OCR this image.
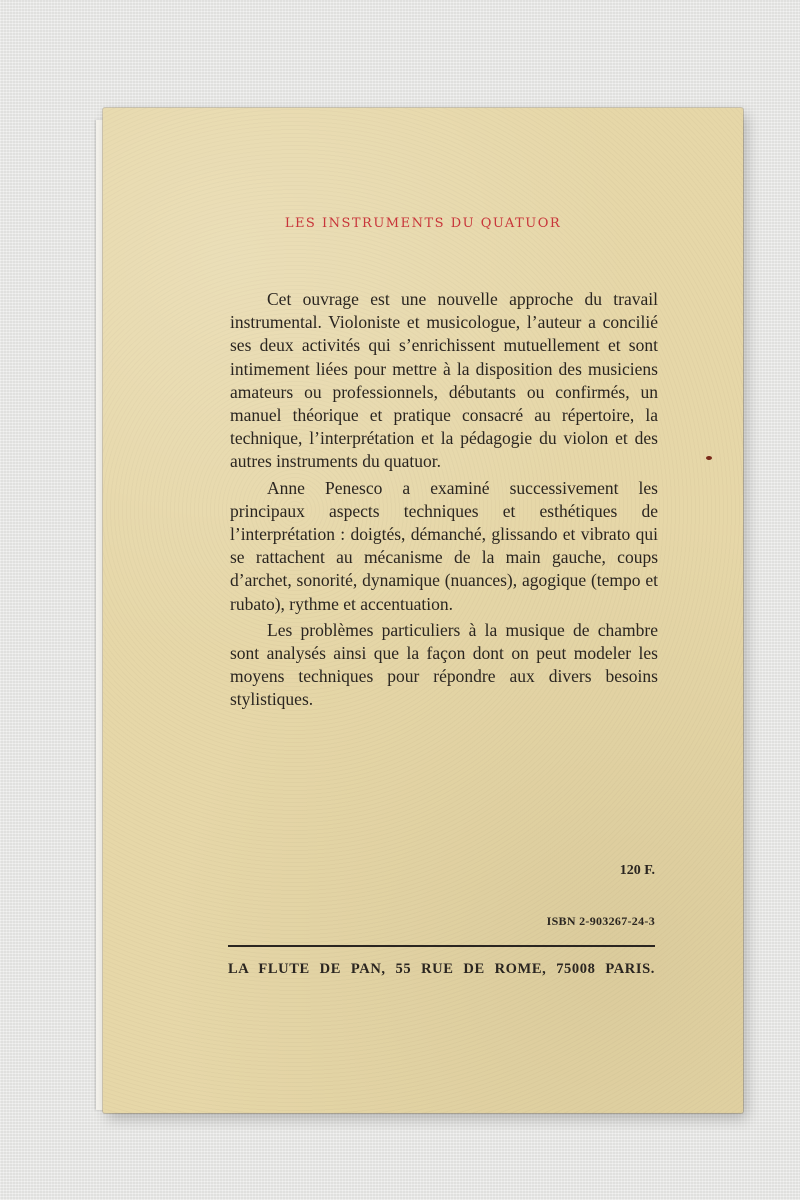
LES INSTRUMENTS DU QUATUOR

Cet ouvrage est une nouvelle approche du travail instrumental. Violoniste et musicologue, l’auteur a concilié ses deux activités qui s’enrichissent mutuellement et sont intimement liées pour mettre à la disposition des musiciens amateurs ou professionnels, débutants ou confirmés, un manuel théorique et pratique consacré au répertoire, la technique, l’interprétation et la pédagogie du violon et des autres instruments du quatuor.

Anne Penesco a examiné successivement les principaux aspects techniques et esthétiques de l’interprétation : doigtés, démanché, glissando et vibrato qui se rattachent au mécanisme de la main gauche, coups d’archet, sonorité, dynamique (nuances), agogique (tempo et rubato), rythme et accentuation.

Les problèmes particuliers à la musique de chambre sont analysés ainsi que la façon dont on peut modeler les moyens techniques pour répondre aux divers besoins stylistiques.

120 F.
ISBN 2-903267-24-3
LA FLUTE DE PAN, 55 RUE DE ROME, 75008 PARIS.
